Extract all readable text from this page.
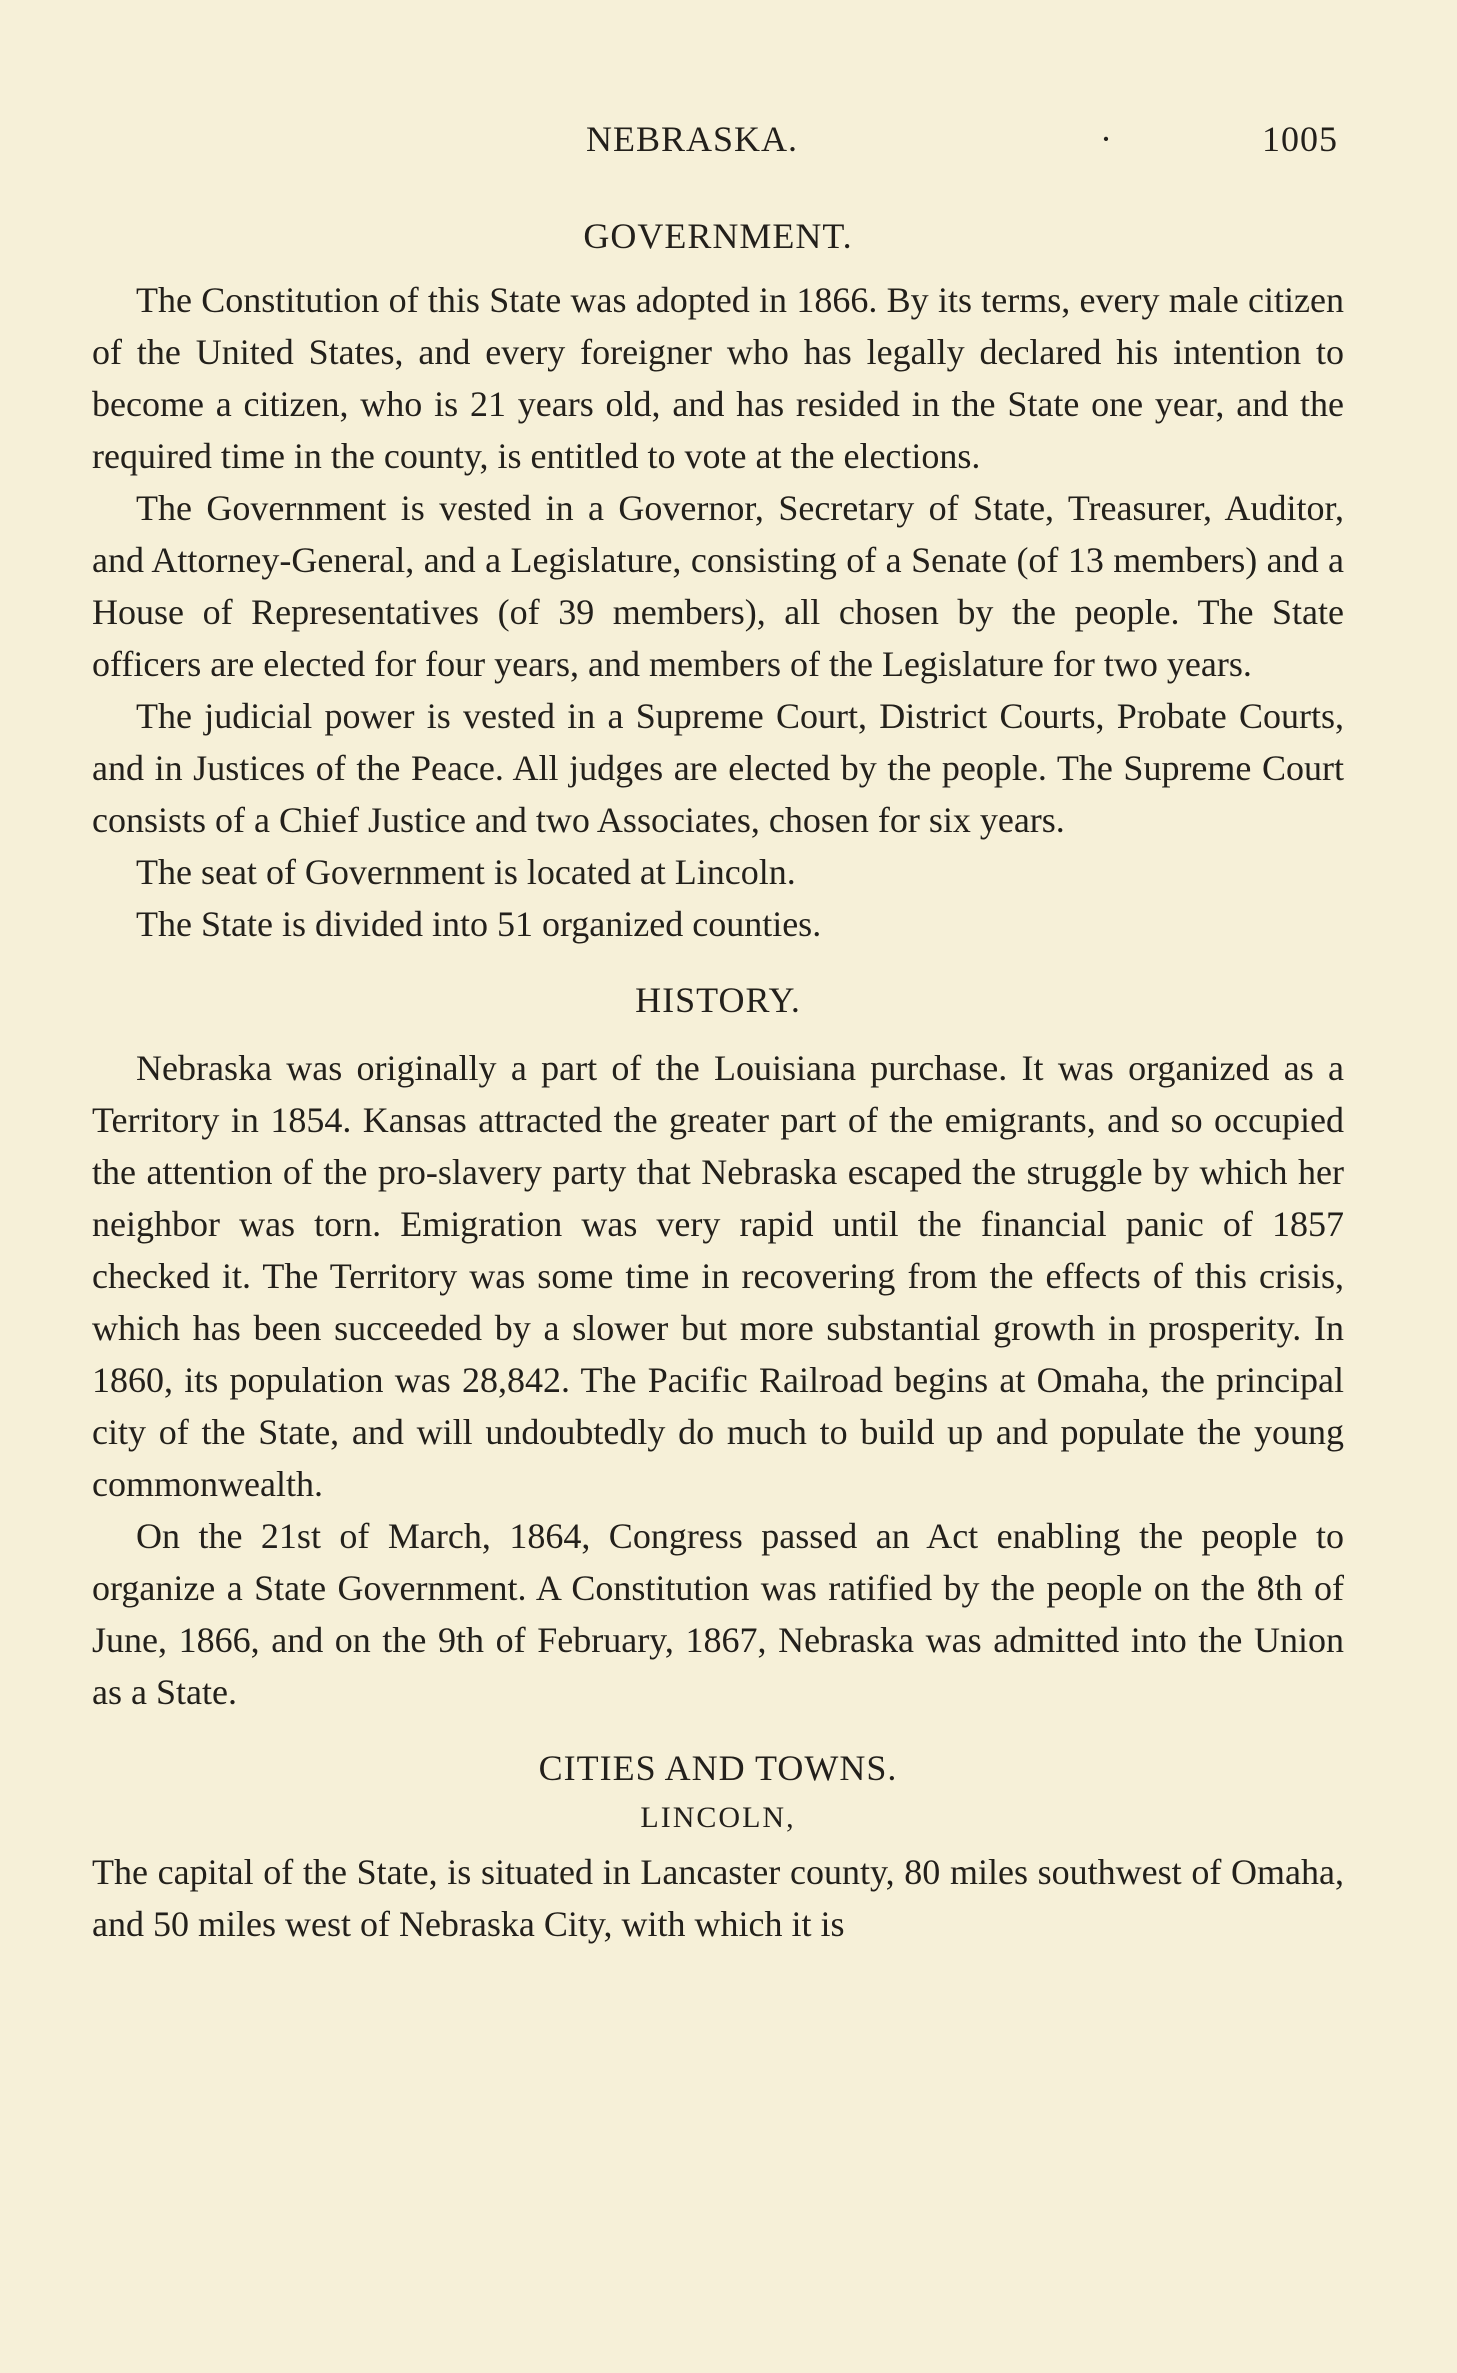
NEBRASKA.	·	1005
GOVERNMENT.

The Constitution of this State was adopted in 1866. By its terms, every male citizen of the United States, and every foreigner who has legally declared his intention to become a citizen, who is 21 years old, and has resided in the State one year, and the required time in the county, is entitled to vote at the elections.

The Government is vested in a Governor, Secretary of State, Treasurer, Auditor, and Attorney-General, and a Legislature, consisting of a Senate (of 13 members) and a House of Representatives (of 39 members), all chosen by the people. The State officers are elected for four years, and members of the Legislature for two years.

The judicial power is vested in a Supreme Court, District Courts, Probate Courts, and in Justices of the Peace. All judges are elected by the people. The Supreme Court consists of a Chief Justice and two Associates, chosen for six years.

The seat of Government is located at Lincoln.

The State is divided into 51 organized counties.

HISTORY.

Nebraska was originally a part of the Louisiana purchase. It was organized as a Territory in 1854. Kansas attracted the greater part of the emigrants, and so occupied the attention of the pro-slavery party that Nebraska escaped the struggle by which her neighbor was torn. Emigration was very rapid until the financial panic of 1857 checked it. The Territory was some time in recovering from the effects of this crisis, which has been succeeded by a slower but more substantial growth in prosperity. In 1860, its population was 28,842. The Pacific Railroad begins at Omaha, the principal city of the State, and will undoubtedly do much to build up and populate the young commonwealth.

On the 21st of March, 1864, Congress passed an Act enabling the people to organize a State Government. A Constitution was ratified by the people on the 8th of June, 1866, and on the 9th of February, 1867, Nebraska was admitted into the Union as a State.

CITIES AND TOWNS.
LINCOLN,

The capital of the State, is situated in Lancaster county, 80 miles southwest of Omaha, and 50 miles west of Nebraska City, with which it is
